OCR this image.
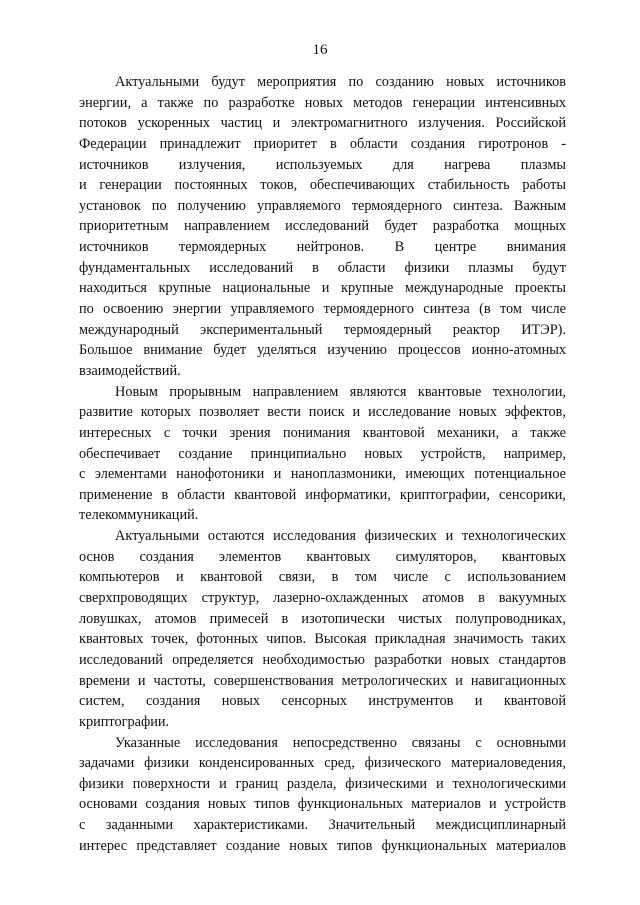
16
Актуальными будут мероприятия по созданию новых источников
энергии, а также по разработке новых методов генерации интенсивных
потоков ускоренных частиц и электромагнитного излучения. Российской
Федерации принадлежит приоритет в области создания гиротронов -
источников излучения, используемых для нагрева плазмы
и генерации постоянных токов, обеспечивающих стабильность работы
установок по получению управляемого термоядерного синтеза. Важным
приоритетным направлением исследований будет разработка мощных
источников термоядерных нейтронов. В центре внимания
фундаментальных исследований в области физики плазмы будут
находиться крупные национальные и крупные международные проекты
по освоению энергии управляемого термоядерного синтеза (в том числе
международный экспериментальный термоядерный реактор ИТЭР).
Большое внимание будет уделяться изучению процессов ионно-атомных
взаимодействий.
Новым прорывным направлением являются квантовые технологии,
развитие которых позволяет вести поиск и исследование новых эффектов,
интересных с точки зрения понимания квантовой механики, а также
обеспечивает создание принципиально новых устройств, например,
с элементами нанофотоники и наноплазмоники, имеющих потенциальное
применение в области квантовой информатики, криптографии, сенсорики,
телекоммуникаций.
Актуальными остаются исследования физических и технологических
основ создания элементов квантовых симуляторов, квантовых
компьютеров и квантовой связи, в том числе с использованием
сверхпроводящих структур, лазерно-охлажденных атомов в вакуумных
ловушках, атомов примесей в изотопически чистых полупроводниках,
квантовых точек, фотонных чипов. Высокая прикладная значимость таких
исследований определяется необходимостью разработки новых стандартов
времени и частоты, совершенствования метрологических и навигационных
систем, создания новых сенсорных инструментов и квантовой
криптографии.
Указанные исследования непосредственно связаны с основными
задачами физики конденсированных сред, физического материаловедения,
физики поверхности и границ раздела, физическими и технологическими
основами создания новых типов функциональных материалов и устройств
с заданными характеристиками. Значительный междисциплинарный
интерес представляет создание новых типов функциональных материалов
